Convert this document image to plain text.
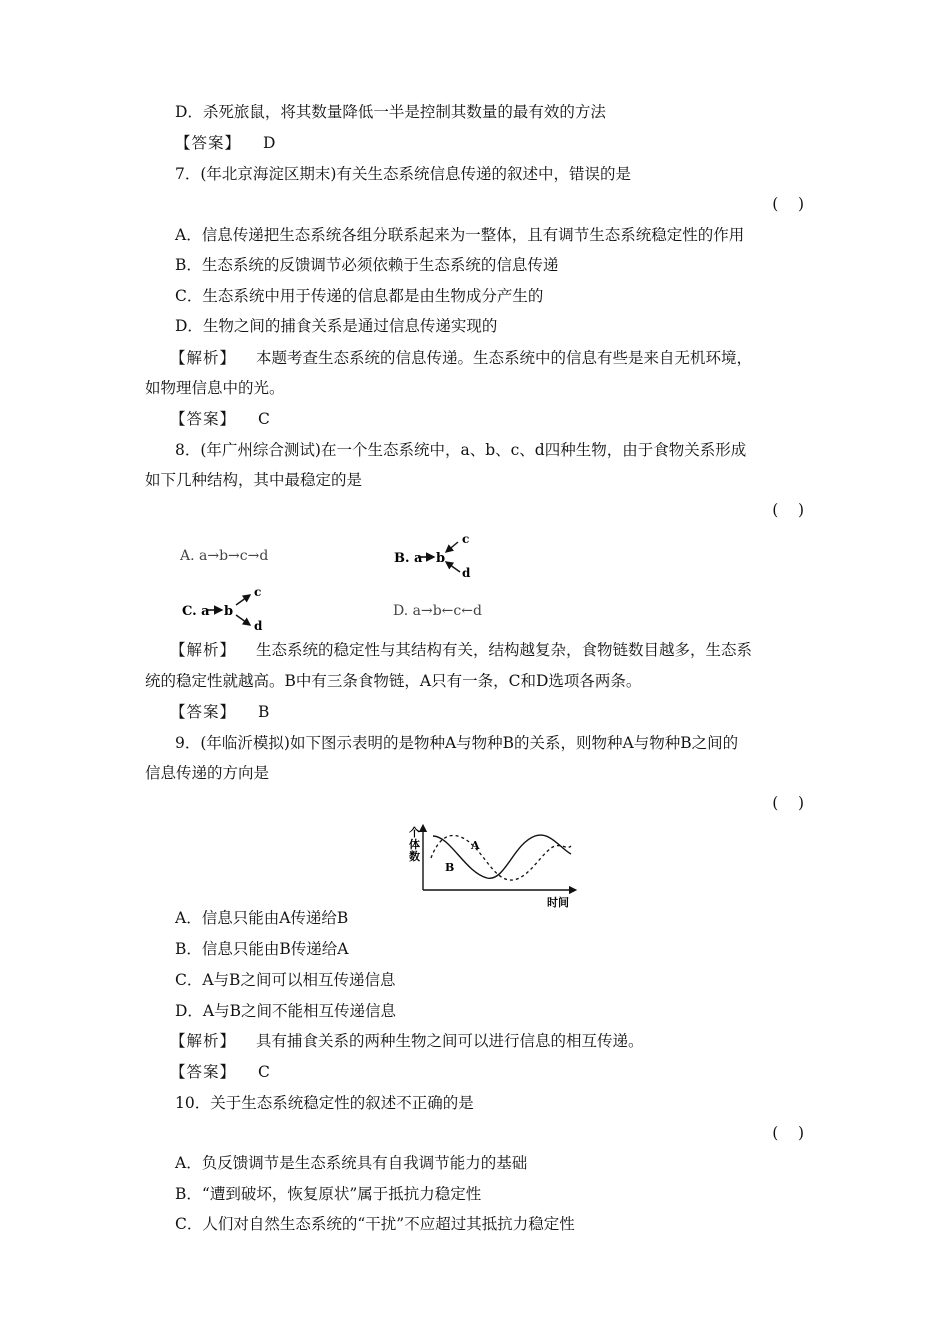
D．杀死旅鼠，将其数量降低一半是控制其数量的最有效的方法
【答案】 D
7．(年北京海淀区期末)有关生态系统信息传递的叙述中，错误的是
(    )
A．信息传递把生态系统各组分联系起来为一整体，且有调节生态系统稳定性的作用
B．生态系统的反馈调节必须依赖于生态系统的信息传递
C．生态系统中用于传递的信息都是由生物成分产生的
D．生物之间的捕食关系是通过信息传递实现的
【解析】 本题考查生态系统的信息传递。生态系统中的信息有些是来自无机环境，
如物理信息中的光。
【答案】 C
8．(年广州综合测试)在一个生态系统中，a、b、c、d四种生物，由于食物关系形成
如下几种结构，其中最稳定的是
(    )
A. a→b→c→d	B. a b
c
d
C. a b
c
d
D. a→b←c←d
【解析】 生态系统的稳定性与其结构有关，结构越复杂，食物链数目越多，生态系
统的稳定性就越高。B中有三条食物链，A只有一条，C和D选项各两条。
【答案】 B
9．(年临沂模拟)如下图示表明的是物种A与物种B的关系，则物种A与物种B之间的
信息传递的方向是
(    )
个 体 数
时间
A
B
A．信息只能由A传递给B
B．信息只能由B传递给A
C．A与B之间可以相互传递信息
D．A与B之间不能相互传递信息
【解析】 具有捕食关系的两种生物之间可以进行信息的相互传递。
【答案】 C
10．关于生态系统稳定性的叙述不正确的是
(    )
A．负反馈调节是生态系统具有自我调节能力的基础
B．“遭到破坏，恢复原状”属于抵抗力稳定性
C．人们对自然生态系统的“干扰”不应超过其抵抗力稳定性
